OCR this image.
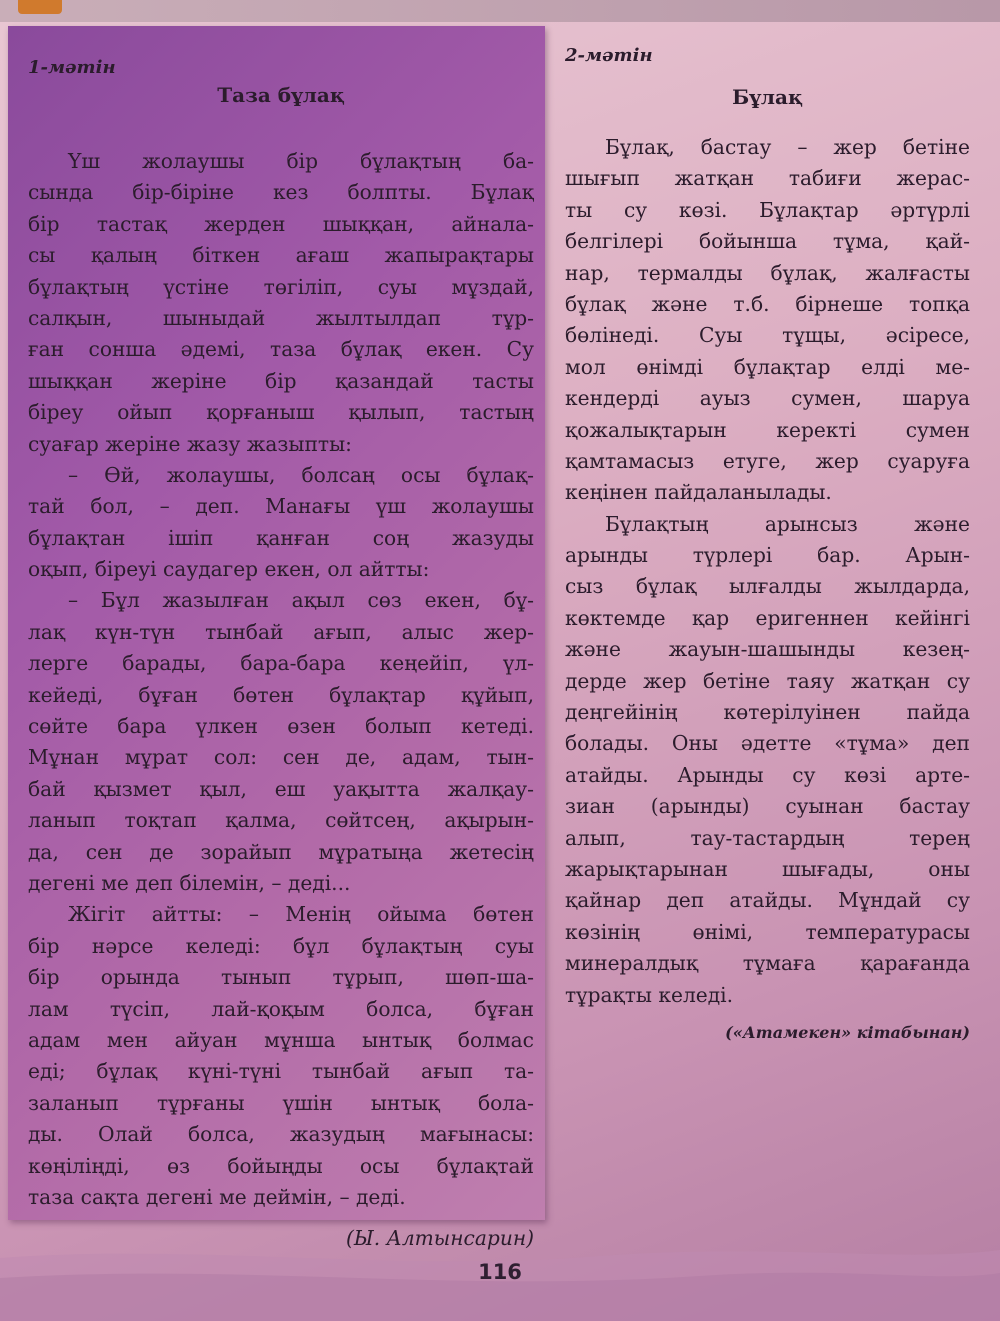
1-мәтін
Таза бұлақ
Үш жолаушы бір бұлақтың ба-
сында бір-біріне кез болпты. Бұлақ
бір тастақ жерден шыққан, айнала-
сы қалың біткен ағаш жапырақтары
бұлақтың үстіне төгіліп, суы мұздай,
салқын, шыныдай жылтылдап тұр-
ған сонша әдемі, таза бұлақ екен. Су
шыққан жеріне бір қазандай тасты
біреу ойып қорғаныш қылып, тастың
суағар жеріне жазу жазыпты:
– Өй, жолаушы, болсаң осы бұлақ-
тай бол, – деп. Манағы үш жолаушы
бұлақтан ішіп қанған соң жазуды
оқып, біреуі саудагер екен, ол айтты:
– Бұл жазылған ақыл сөз екен, бұ-
лақ күн-түн тынбай ағып, алыс жер-
лерге барады, бара-бара кеңейіп, үл-
кейеді, бұған бөтен бұлақтар құйып,
сөйте бара үлкен өзен болып кетеді.
Мұнан мұрат сол: сен де, адам, тын-
бай қызмет қыл, еш уақытта жалқау-
ланып тоқтап қалма, сөйтсең, ақырын-
да, сен де зорайып мұратыңа жетесің
дегені ме деп білемін, – деді...
Жігіт айтты: – Менің ойыма бөтен
бір нәрсе келеді: бұл бұлақтың суы
бір орында тынып тұрып, шөп-ша-
лам түсіп, лай-қоқым болса, бұған
адам мен айуан мұнша ынтық болмас
еді; бұлақ күні-түні тынбай ағып та-
заланып тұрғаны үшін ынтық бола-
ды. Олай болса, жазудың мағынасы:
көңіліңді, өз бойыңды осы бұлақтай
таза сақта дегені ме деймін, – деді.
(Ы. Алтынсарин)
2-мәтін
Бұлақ
Бұлақ, бастау – жер бетіне
шығып жатқан табиғи жерас-
ты су көзі. Бұлақтар әртүрлі
белгілері бойынша тұма, қай-
нар, термалды бұлақ, жалғасты
бұлақ және т.б. бірнеше топқа
бөлінеді. Суы тұщы, әсіресе,
мол өнімді бұлақтар елді ме-
кендерді ауыз сумен, шаруа
қожалықтарын керекті сумен
қамтамасыз етуге, жер суаруға
кеңінен пайдаланылады.
Бұлақтың арынсыз және
арынды түрлері бар. Арын-
сыз бұлақ ылғалды жылдарда,
көктемде қар еригеннен кейінгі
және жауын-шашынды кезең-
дерде жер бетіне таяу жатқан су
деңгейінің көтерілуінен пайда
болады. Оны әдетте «тұма» деп
атайды. Арынды су көзі арте-
зиан (арынды) суынан бастау
алып, тау-тастардың терең
жарықтарынан шығады, оны
қайнар деп атайды. Мұндай су
көзінің өнімі, температурасы
минералдық тұмаға қарағанда
тұрақты келеді.
(«Атамекен» кітабынан)
116
